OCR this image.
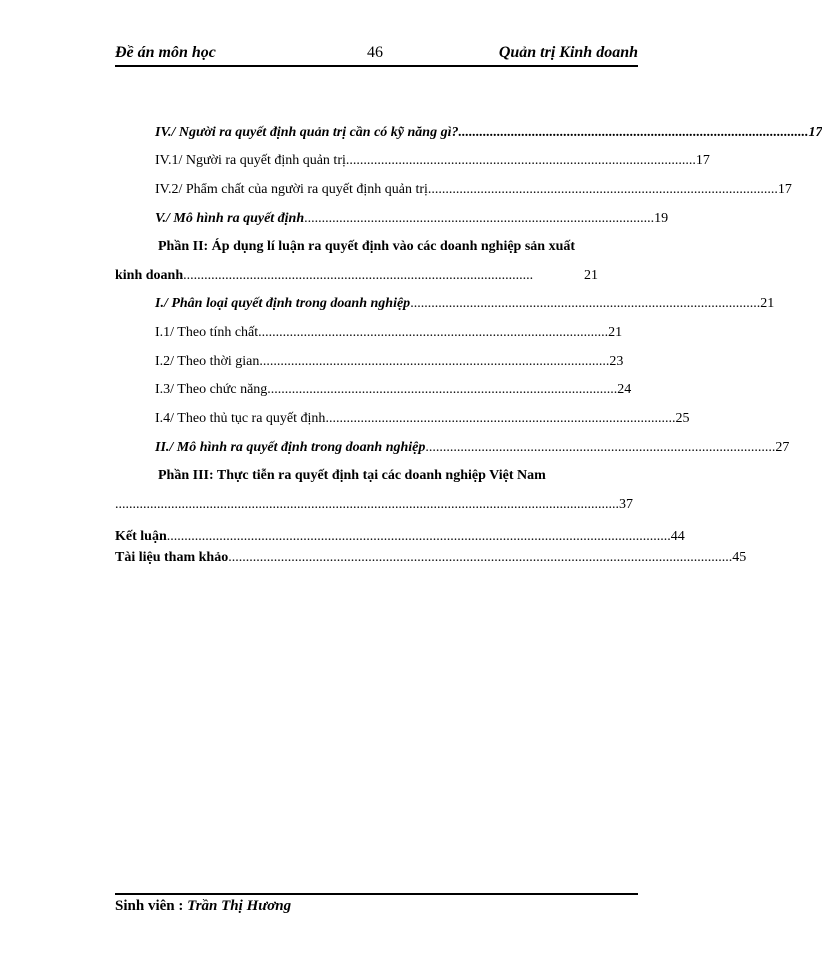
Đề án môn học	46	Quản trị Kinh doanh
IV./ Người ra quyết định quản trị cần có kỹ năng gì? .................................................................................................... 17
IV.1/ Người ra quyết định quản trị .................................................................................................... 17
IV.2/ Phẩm chất của người ra quyết định quản trị .................................................................................................... 17
V./ Mô hình ra quyết định .................................................................................................... 19
Phần II: Áp dụng lí luận ra quyết định vào các doanh nghiệp sản xuất
kinh doanh ....................................................................................................	21
I./ Phân loại quyết định trong doanh nghiệp .................................................................................................... 21
I.1/ Theo tính chất .................................................................................................... 21
I.2/ Theo thời gian .................................................................................................... 23
I.3/ Theo chức năng .................................................................................................... 24
I.4/ Theo thủ tục ra quyết định .................................................................................................... 25
II./ Mô hình ra quyết định trong doanh nghiệp .................................................................................................... 27
Phần III: Thực tiễn ra quyết định tại các doanh nghiệp Việt Nam
................................................................................................................................................ 37
Kết luận ................................................................................................................................................ 44
Tài liệu tham khảo ................................................................................................................................................ 45
Sinh viên : Trần Thị Hương
